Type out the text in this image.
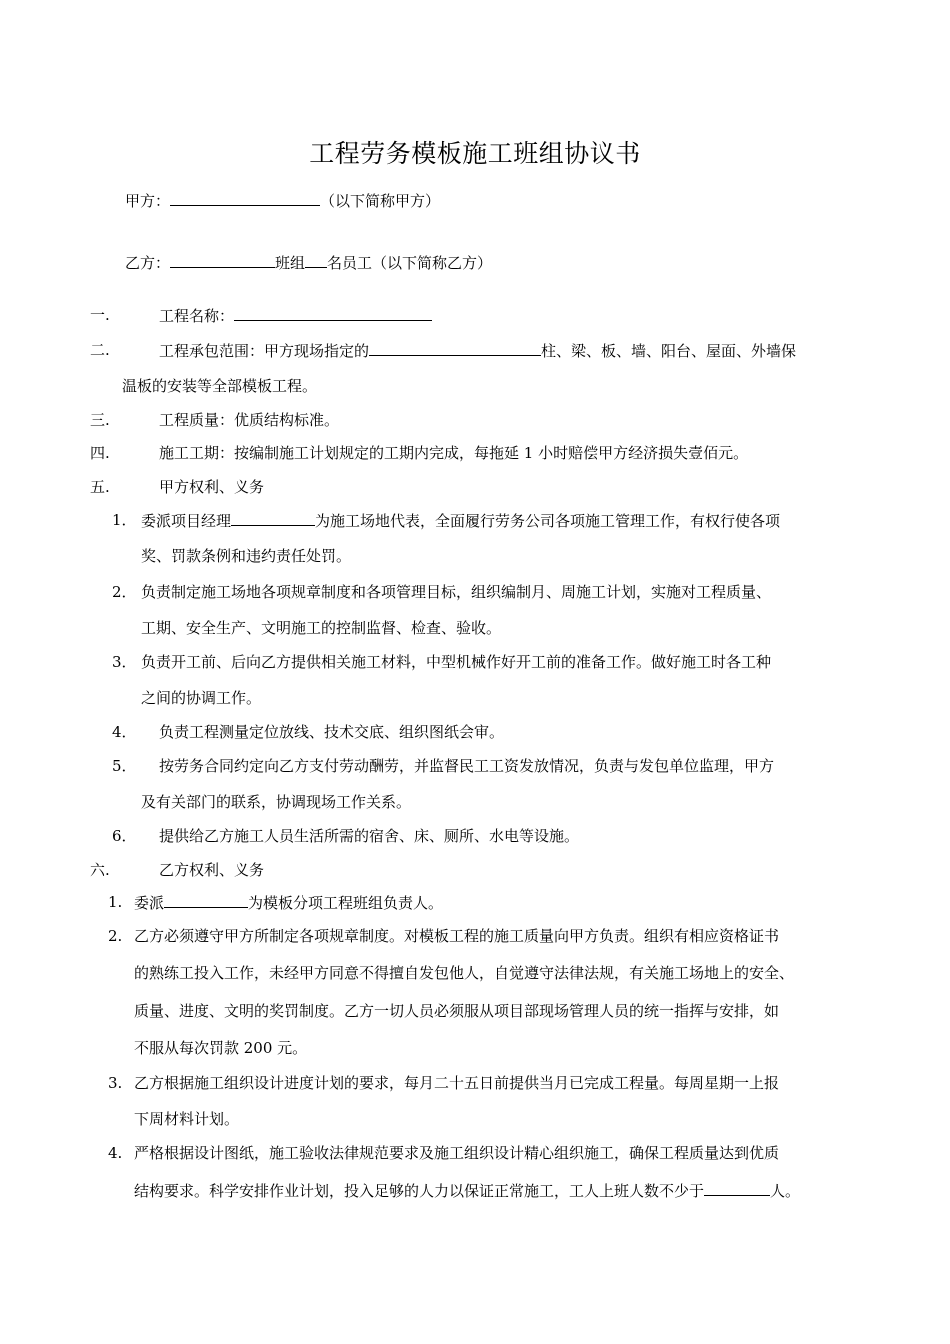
工程劳务模板施工班组协议书
甲方：	（以下简称甲方）
乙方：	班组 名员工（以下简称乙方）
一.	工程名称：
二.	工程承包范围：甲方现场指定的	柱、梁、板、墙、阳台、屋面、外墙保
温板的安装等全部模板工程。
三.	工程质量：优质结构标准。
四.	施工工期：按编制施工计划规定的工期内完成，每拖延 1 小时赔偿甲方经济损失壹佰元。
五.	甲方权利、义务
1． 委派项目经理	为施工场地代表，全面履行劳务公司各项施工管理工作，有权行使各项
奖、罚款条例和违约责任处罚。
2． 负责制定施工场地各项规章制度和各项管理目标，组织编制月、周施工计划，实施对工程质量、
工期、安全生产、文明施工的控制监督、检查、验收。
3． 负责开工前、后向乙方提供相关施工材料，中型机械作好开工前的准备工作。做好施工时各工种
之间的协调工作。
4． 负责工程测量定位放线、技术交底、组织图纸会审。
5． 按劳务合同约定向乙方支付劳动酬劳，并监督民工工资发放情况，负责与发包单位监理，甲方
及有关部门的联系，协调现场工作关系。
6． 提供给乙方施工人员生活所需的宿舍、床、厕所、水电等设施。
六.	乙方权利、义务
1. 委派	为模板分项工程班组负责人。
2. 乙方必须遵守甲方所制定各项规章制度。对模板工程的施工质量向甲方负责。组织有相应资格证书
的熟练工投入工作，未经甲方同意不得擅自发包他人，自觉遵守法律法规，有关施工场地上的安全、
质量、进度、文明的奖罚制度。乙方一切人员必须服从项目部现场管理人员的统一指挥与安排，如
不服从每次罚款 200 元。
3. 乙方根据施工组织设计进度计划的要求，每月二十五日前提供当月已完成工程量。每周星期一上报
下周材料计划。
4. 严格根据设计图纸，施工验收法律规范要求及施工组织设计精心组织施工，确保工程质量达到优质
结构要求。科学安排作业计划，投入足够的人力以保证正常施工，工人上班人数不少于	人。
